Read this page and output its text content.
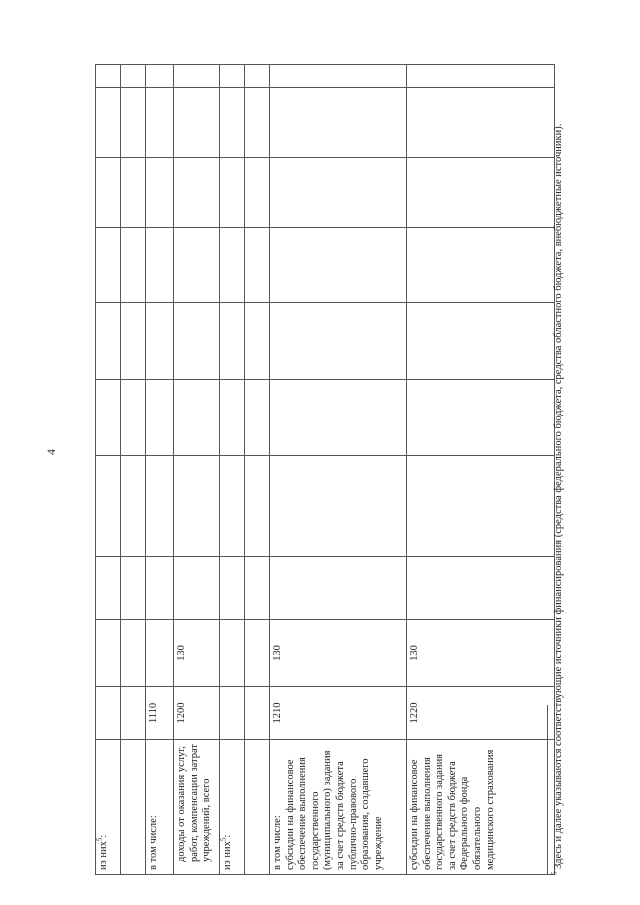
4
из них$^5$:										

в том числе:	1110									
доходы от оказания услуг, работ, компенсации затрат учреждений, всего	1200	130								
из них$^5$:										

в том числе:
субсидии на финансовое обеспечение выполнения государственного (муниципального) задания за счет средств бюджета публично-правового образования, создавшего учреждение	1210	130								
субсидии на финансовое обеспечение выполнения государственного задания за счет средств бюджета Федерального фонда обязательного медицинского страхования	1220	130								
$^5$ Здесь и далее указываются соответствующие источники финансирования (средства федерального бюджета, средства областного бюджета, внебюджетные источники).
